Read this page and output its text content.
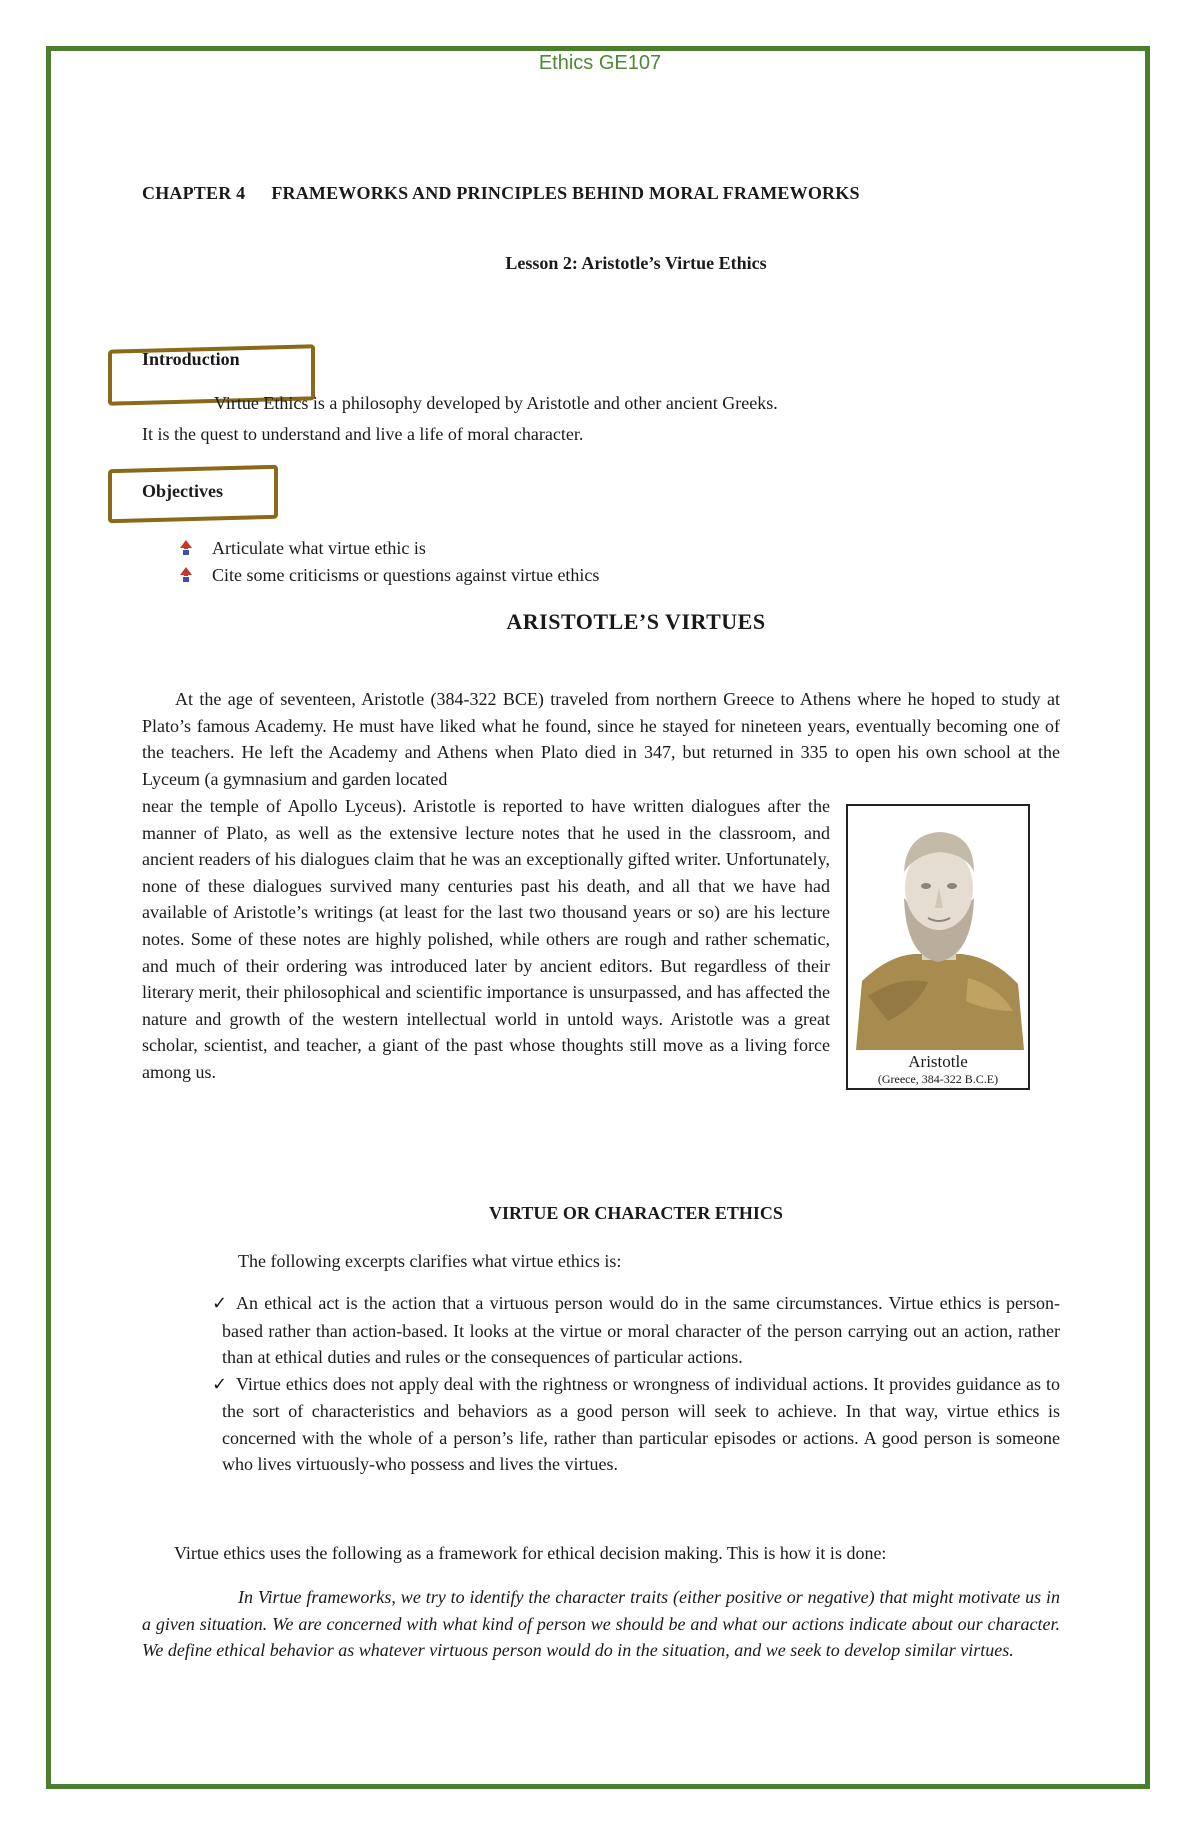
Ethics GE107
CHAPTER 4 FRAMEWORKS AND PRINCIPLES BEHIND MORAL FRAMEWORKS
Lesson 2: Aristotle’s Virtue Ethics
Introduction
Virtue Ethics is a philosophy developed by Aristotle and other ancient Greeks.
It is the quest to understand and live a life of moral character.
Objectives
Articulate what virtue ethic is
Cite some criticisms or questions against virtue ethics
ARISTOTLE’S VIRTUES
At the age of seventeen, Aristotle (384-322 BCE) traveled from northern Greece to Athens where he hoped to study at Plato’s famous Academy. He must have liked what he found, since he stayed for nineteen years, eventually becoming one of the teachers. He left the Academy and Athens when Plato died in 347, but returned in 335 to open his own school at the Lyceum (a gymnasium and garden located
near the temple of Apollo Lyceus). Aristotle is reported to have written dialogues after the manner of Plato, as well as the extensive lecture notes that he used in the classroom, and ancient readers of his dialogues claim that he was an exceptionally gifted writer. Unfortunately, none of these dialogues survived many centuries past his death, and all that we have had available of Aristotle’s writings (at least for the last two thousand years or so) are his lecture notes. Some of these notes are highly polished, while others are rough and rather schematic, and much of their ordering was introduced later by ancient editors. But regardless of their literary merit, their philosophical and scientific importance is unsurpassed, and has affected the nature and growth of the western intellectual world in untold ways. Aristotle was a great scholar, scientist, and teacher, a giant of the past whose thoughts still move as a living force among us.
Aristotle
(Greece, 384-322 B.C.E)
VIRTUE OR CHARACTER ETHICS
The following excerpts clarifies what virtue ethics is:
✓ An ethical act is the action that a virtuous person would do in the same circumstances. Virtue ethics is person-based rather than action-based. It looks at the virtue or moral character of the person carrying out an action, rather than at ethical duties and rules or the consequences of particular actions.
✓ Virtue ethics does not apply deal with the rightness or wrongness of individual actions. It provides guidance as to the sort of characteristics and behaviors as a good person will seek to achieve. In that way, virtue ethics is concerned with the whole of a person’s life, rather than particular episodes or actions. A good person is someone who lives virtuously-who possess and lives the virtues.
Virtue ethics uses the following as a framework for ethical decision making. This is how it is done:
In Virtue frameworks, we try to identify the character traits (either positive or negative) that might motivate us in a given situation. We are concerned with what kind of person we should be and what our actions indicate about our character. We define ethical behavior as whatever virtuous person would do in the situation, and we seek to develop similar virtues.
